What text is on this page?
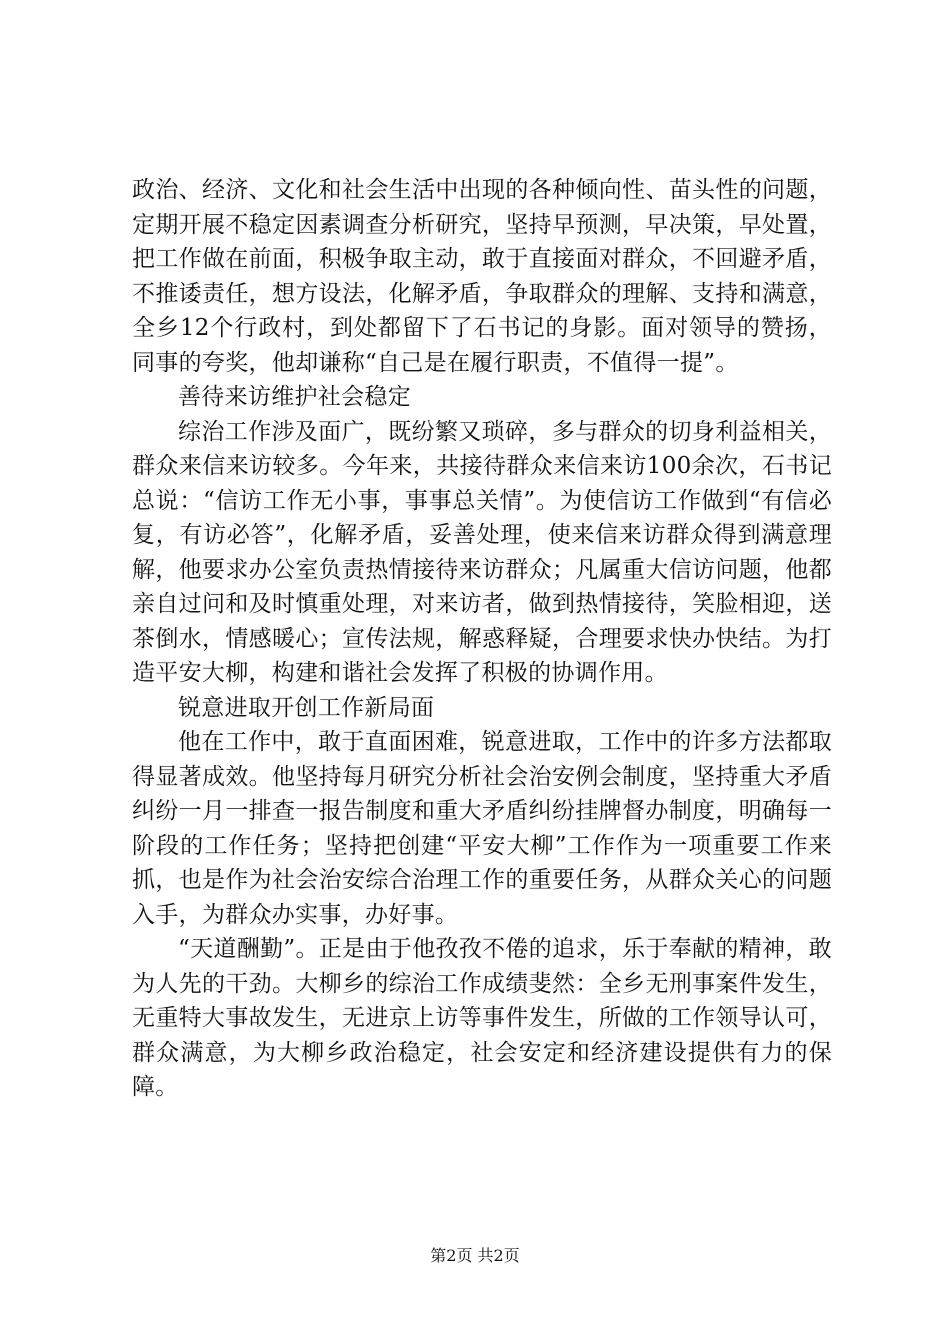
政治、经济、文化和社会生活中出现的各种倾向性、苗头性的问题，定期开展不稳定因素调查分析研究，坚持早预测，早决策，早处置，把工作做在前面，积极争取主动，敢于直接面对群众，不回避矛盾，不推诿责任，想方设法，化解矛盾，争取群众的理解、支持和满意，全乡12个行政村，到处都留下了石书记的身影。面对领导的赞扬，同事的夸奖，他却谦称“自己是在履行职责，不值得一提”。

善待来访维护社会稳定

综治工作涉及面广，既纷繁又琐碎，多与群众的切身利益相关，群众来信来访较多。今年来，共接待群众来信来访100余次，石书记总说：“信访工作无小事，事事总关情”。为使信访工作做到“有信必复，有访必答”，化解矛盾，妥善处理，使来信来访群众得到满意理解，他要求办公室负责热情接待来访群众；凡属重大信访问题，他都亲自过问和及时慎重处理，对来访者，做到热情接待，笑脸相迎，送茶倒水，情感暖心；宣传法规，解惑释疑，合理要求快办快结。为打造平安大柳，构建和谐社会发挥了积极的协调作用。

锐意进取开创工作新局面

他在工作中，敢于直面困难，锐意进取，工作中的许多方法都取得显著成效。他坚持每月研究分析社会治安例会制度，坚持重大矛盾纠纷一月一排查一报告制度和重大矛盾纠纷挂牌督办制度，明确每一阶段的工作任务；坚持把创建“平安大柳”工作作为一项重要工作来抓，也是作为社会治安综合治理工作的重要任务，从群众关心的问题入手，为群众办实事，办好事。

“天道酬勤”。正是由于他孜孜不倦的追求，乐于奉献的精神，敢为人先的干劲。大柳乡的综治工作成绩斐然：全乡无刑事案件发生，无重特大事故发生，无进京上访等事件发生，所做的工作领导认可，群众满意，为大柳乡政治稳定，社会安定和经济建设提供有力的保障。

第2页 共2页
